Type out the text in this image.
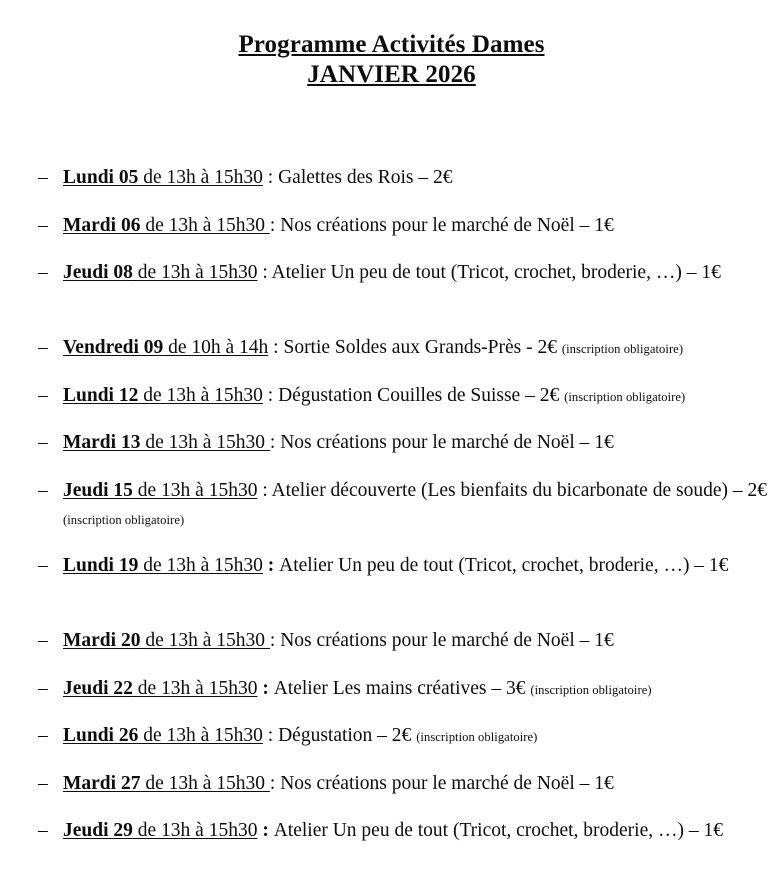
Programme Activités Dames
JANVIER 2026
– Lundi 05 de 13h à 15h30 : Galettes des Rois – 2€
– Mardi 06 de 13h à 15h30 : Nos créations pour le marché de Noël – 1€
– Jeudi 08 de 13h à 15h30 : Atelier Un peu de tout (Tricot, crochet, broderie, …) – 1€
– Vendredi 09 de 10h à 14h : Sortie Soldes aux Grands-Près - 2€ (inscription obligatoire)
– Lundi 12 de 13h à 15h30 : Dégustation Couilles de Suisse – 2€ (inscription obligatoire)
– Mardi 13 de 13h à 15h30 : Nos créations pour le marché de Noël – 1€
– Jeudi 15 de 13h à 15h30 : Atelier découverte (Les bienfaits du bicarbonate de soude) – 2€ (inscription obligatoire)
– Lundi 19 de 13h à 15h30 : Atelier Un peu de tout (Tricot, crochet, broderie, …) – 1€
– Mardi 20 de 13h à 15h30 : Nos créations pour le marché de Noël – 1€
– Jeudi 22 de 13h à 15h30 : Atelier Les mains créatives – 3€ (inscription obligatoire)
– Lundi 26 de 13h à 15h30 : Dégustation – 2€ (inscription obligatoire)
– Mardi 27 de 13h à 15h30 : Nos créations pour le marché de Noël – 1€
– Jeudi 29 de 13h à 15h30 : Atelier Un peu de tout (Tricot, crochet, broderie, …) – 1€
